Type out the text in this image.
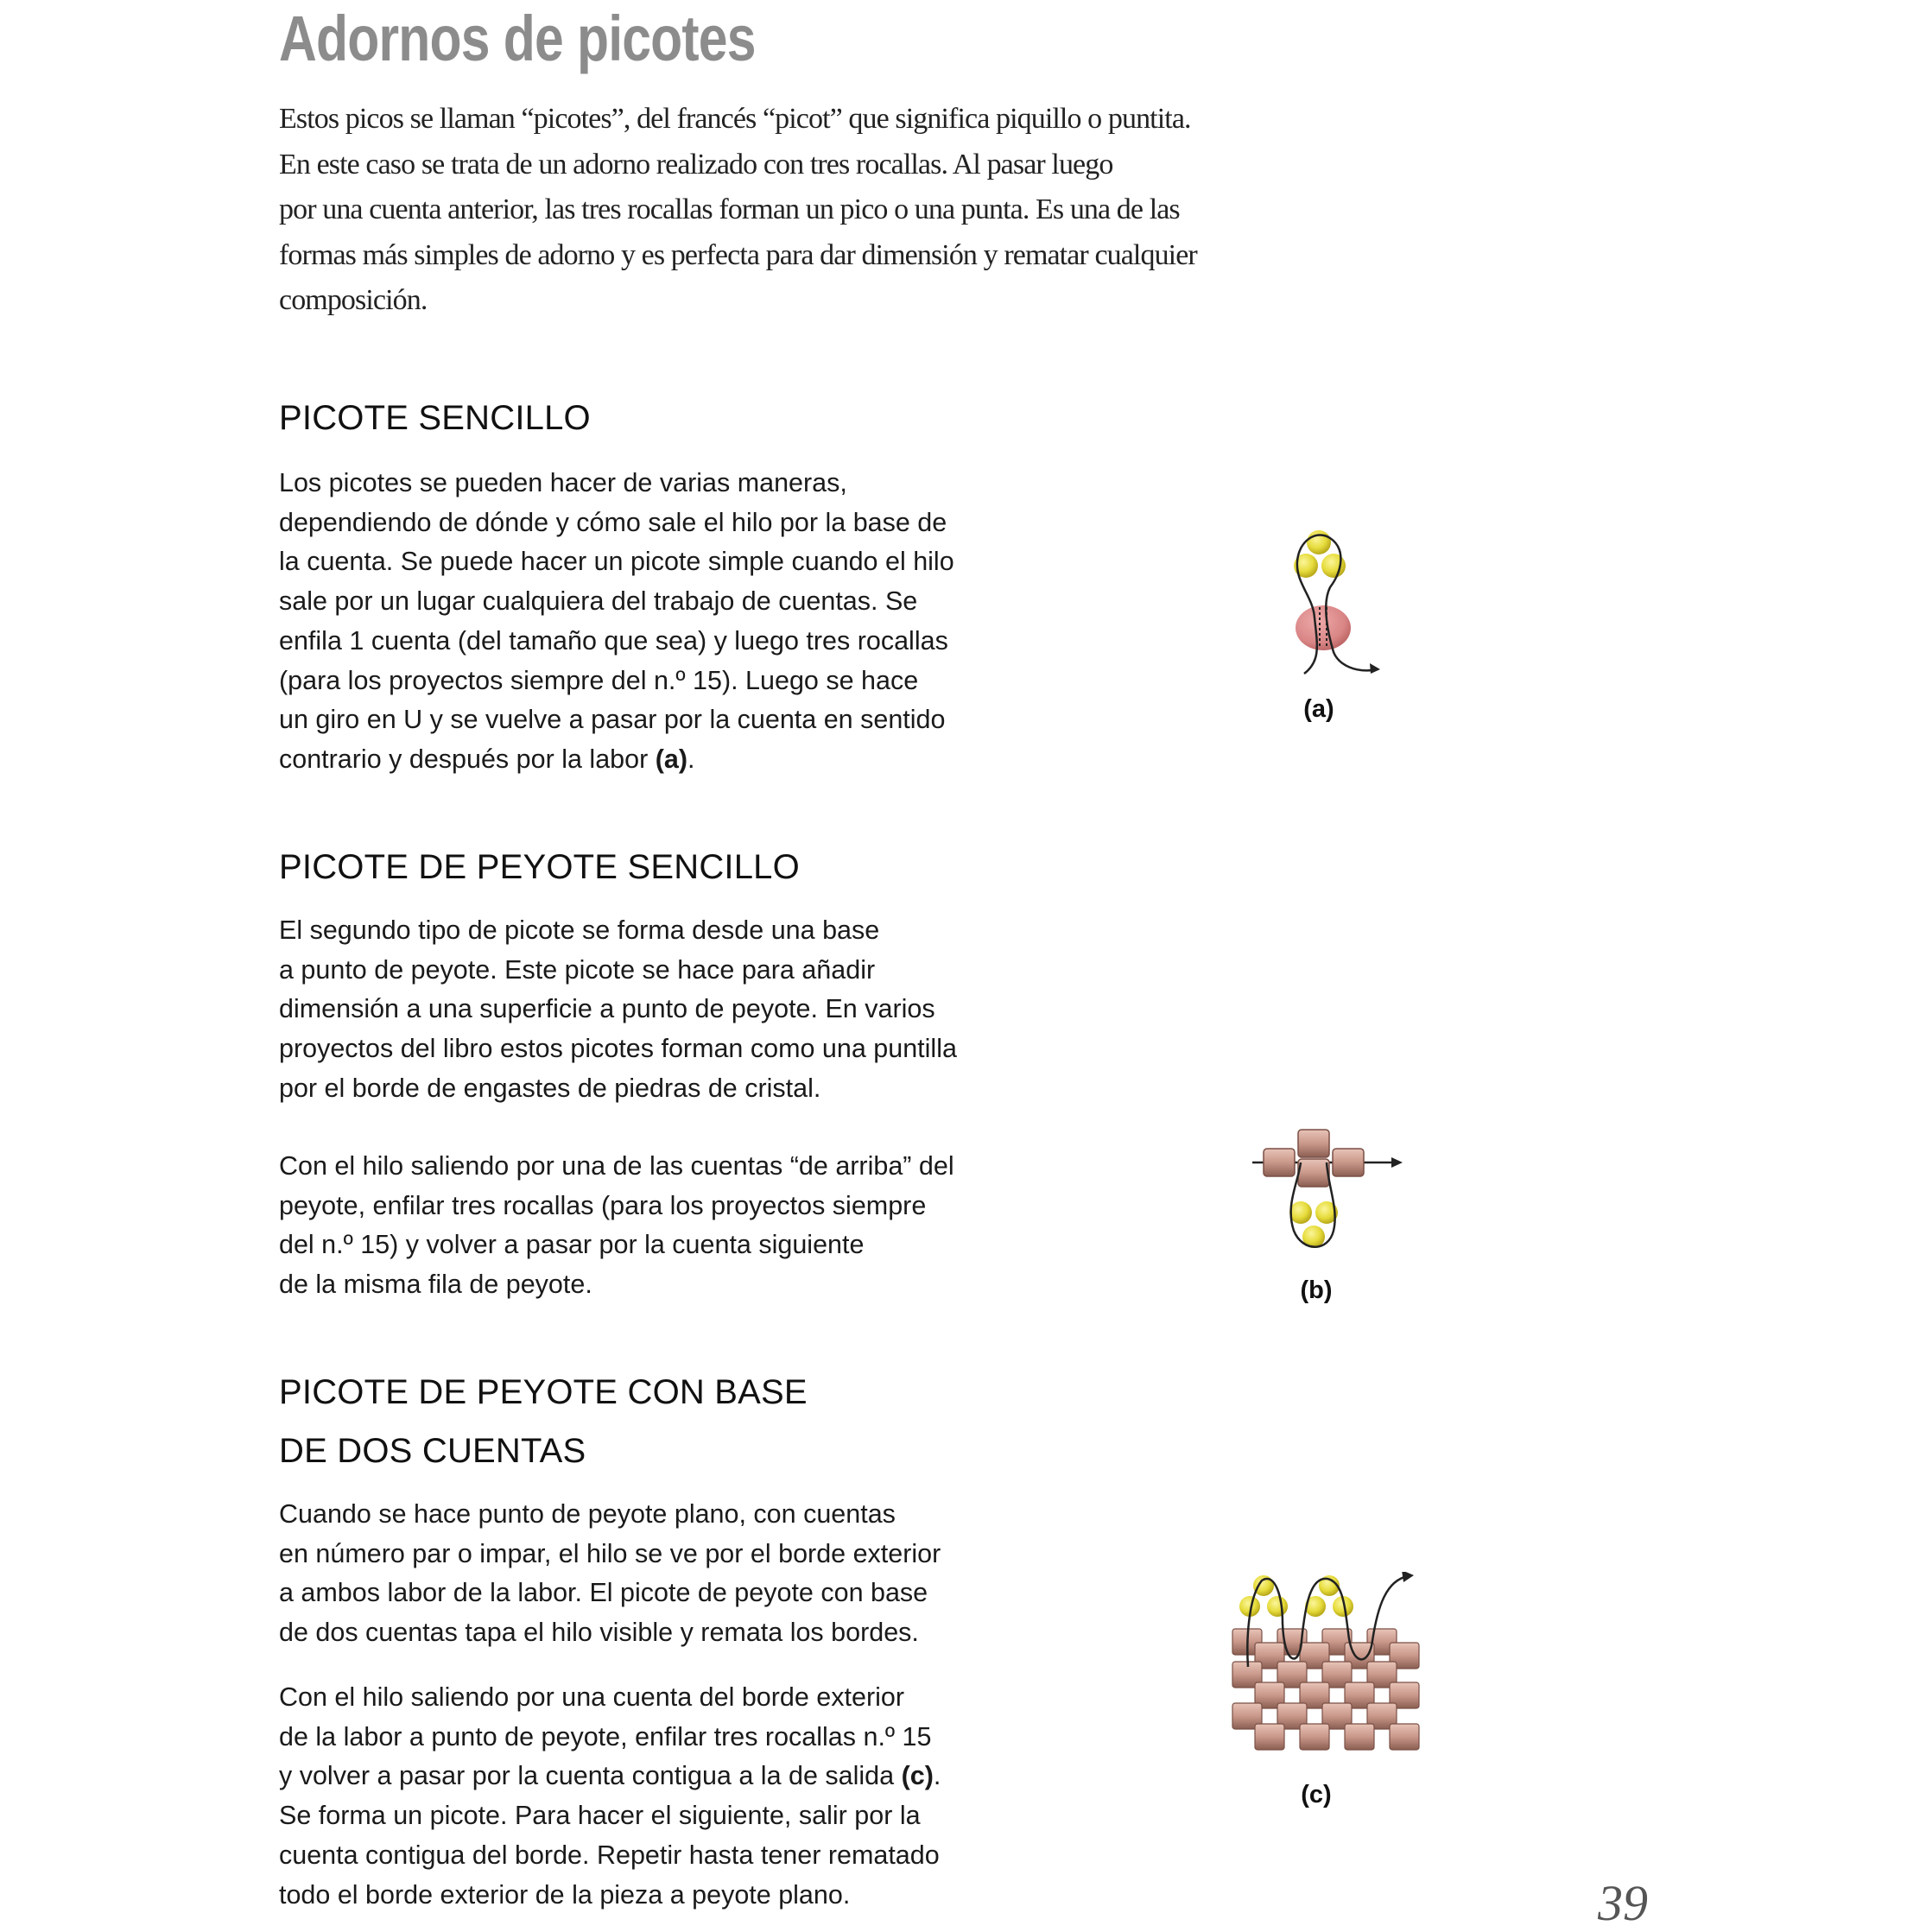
Adornos de picotes
Estos picos se llaman “picotes”, del francés “picot” que significa piquillo o puntita.
En este caso se trata de un adorno realizado con tres rocallas. Al pasar luego
por una cuenta anterior, las tres rocallas forman un pico o una punta. Es una de las
formas más simples de adorno y es perfecta para dar dimensión y rematar cualquier
composición.
PICOTE SENCILLO
Los picotes se pueden hacer de varias maneras,
dependiendo de dónde y cómo sale el hilo por la base de
la cuenta. Se puede hacer un picote simple cuando el hilo
sale por un lugar cualquiera del trabajo de cuentas. Se
enfila 1 cuenta (del tamaño que sea) y luego tres rocallas
(para los proyectos siempre del n.º 15). Luego se hace
un giro en U y se vuelve a pasar por la cuenta en sentido
contrario y después por la labor (a).
(a)
PICOTE DE PEYOTE SENCILLO
El segundo tipo de picote se forma desde una base
a punto de peyote. Este picote se hace para añadir
dimensión a una superficie a punto de peyote. En varios
proyectos del libro estos picotes forman como una puntilla
por el borde de engastes de piedras de cristal.
Con el hilo saliendo por una de las cuentas “de arriba” del
peyote, enfilar tres rocallas (para los proyectos siempre
del n.º 15) y volver a pasar por la cuenta siguiente
de la misma fila de peyote.	(b)
PICOTE DE PEYOTE CON BASE
DE DOS CUENTAS
Cuando se hace punto de peyote plano, con cuentas
en número par o impar, el hilo se ve por el borde exterior
a ambos labor de la labor. El picote de peyote con base
de dos cuentas tapa el hilo visible y remata los bordes.
Con el hilo saliendo por una cuenta del borde exterior
de la labor a punto de peyote, enfilar tres rocallas n.º 15
y volver a pasar por la cuenta contigua a la de salida (c).
Se forma un picote. Para hacer el siguiente, salir por la
cuenta contigua del borde. Repetir hasta tener rematado
todo el borde exterior de la pieza a peyote plano.
(c)
39
